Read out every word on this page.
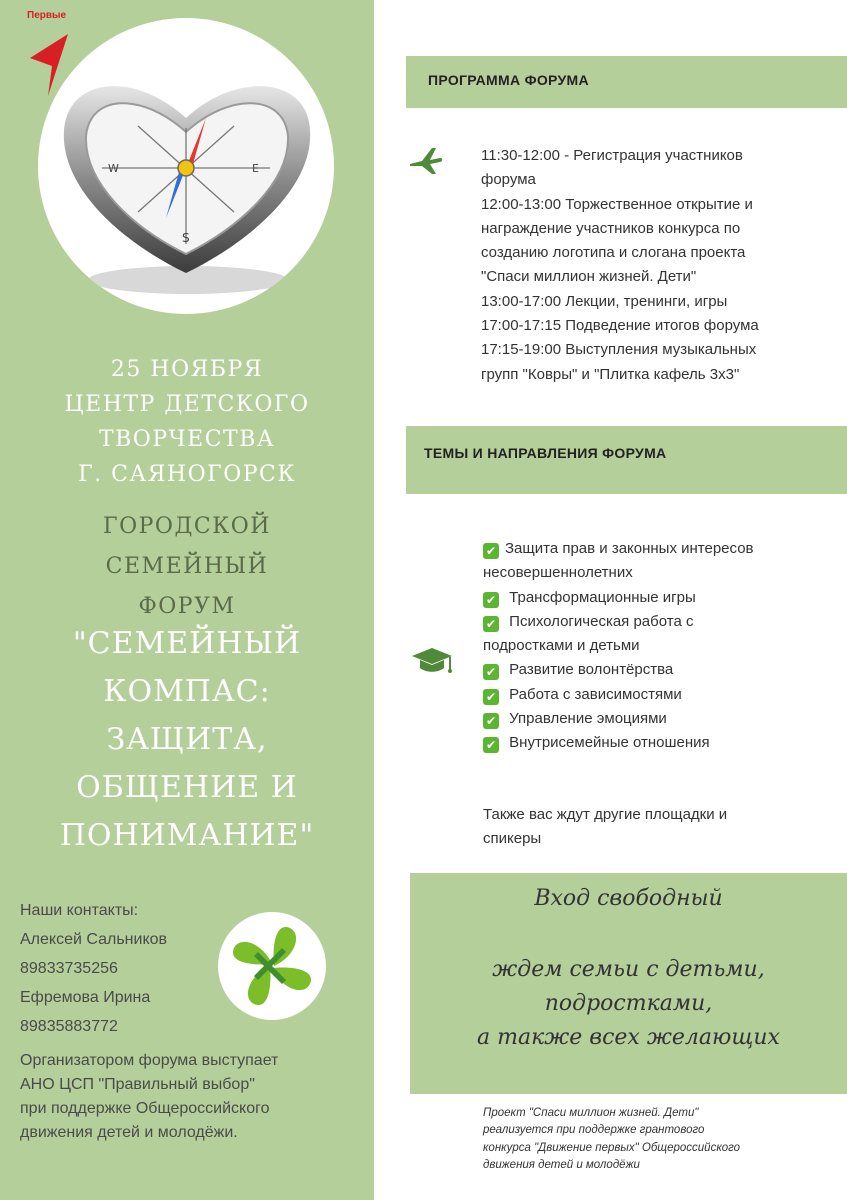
Первые
S
E
W
25 НОЯБРЯ
ЦЕНТР ДЕТСКОГО
ТВОРЧЕСТВА
Г. САЯНОГОРСК
ГОРОДСКОЙ
СЕМЕЙНЫЙ
ФОРУМ
"СЕМЕЙНЫЙ
КОМПАС:
ЗАЩИТА,
ОБЩЕНИЕ И
ПОНИМАНИЕ"
Наши контакты:
Алексей Сальников
89833735256
Ефремова Ирина
89835883772
Организатором форума выступает
АНО ЦСП "Правильный выбор"
при поддержке Общероссийского
движения детей и молодёжи.
ПРОГРАММА ФОРУМА
11:30-12:00 - Регистрация участников
форума
12:00-13:00 Торжественное открытие и
награждение участников конкурса по
созданию логотипа и слогана проекта
"Спаси миллион жизней. Дети"
13:00-17:00 Лекции, тренинги, игры
17:00-17:15 Подведение итогов форума
17:15-19:00 Выступления музыкальных
групп "Ковры" и "Плитка кафель 3х3"
ТЕМЫ И НАПРАВЛЕНИЯ ФОРУМА
✔ Защита прав и законных интересов
несовершеннолетних
✔ Трансформационные игры
✔ Психологическая работа с
подростками и детьми
✔ Развитие волонтёрства
✔ Работа с зависимостями
✔ Управление эмоциями
✔ Внутрисемейные отношения
Также вас ждут другие площадки и
спикеры
Вход свободный
ждем семьи с детьми,
подростками,
а также всех желающих
Проект "Спаси миллион жизней. Дети"
реализуется при поддержке грантового
конкурса "Движение первых" Общероссийского
движения детей и молодёжи
